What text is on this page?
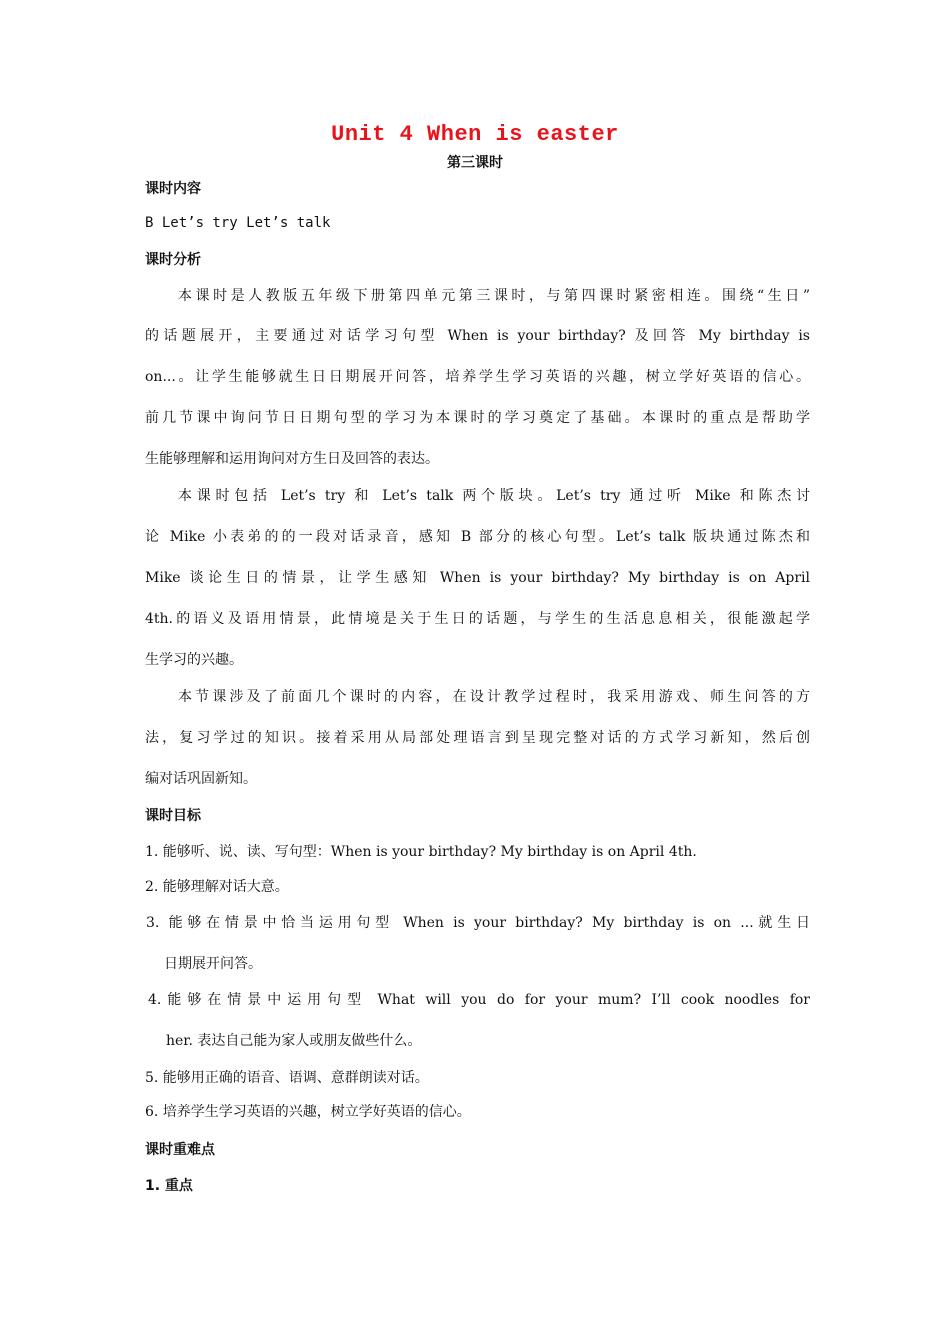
Unit 4 When is easter
第三课时
课时内容
B Let’s try Let’s talk
课时分析
本课时是人教版五年级下册第四单元第三课时，与第四课时紧密相连。围绕“生日”
的话题展开，主要通过对话学习句型 When is your birthday? 及回答 My birthday is
on...。让学生能够就生日日期展开问答，培养学生学习英语的兴趣，树立学好英语的信心。
前几节课中询问节日日期句型的学习为本课时的学习奠定了基础。本课时的重点是帮助学
生能够理解和运用询问对方生日及回答的表达。
本课时包括 Let’s try 和 Let’s talk 两个版块。Let’s try 通过听 Mike 和陈杰讨
论 Mike 小表弟的的一段对话录音，感知 B 部分的核心句型。Let’s talk 版块通过陈杰和
Mike 谈论生日的情景，让学生感知 When is your birthday? My birthday is on April
4th.的语义及语用情景，此情境是关于生日的话题，与学生的生活息息相关，很能激起学
生学习的兴趣。
本节课涉及了前面几个课时的内容，在设计教学过程时，我采用游戏、师生问答的方
法，复习学过的知识。接着采用从局部处理语言到呈现完整对话的方式学习新知，然后创
编对话巩固新知。
课时目标
1. 能够听、说、读、写句型：When is your birthday? My birthday is on April 4th.
2. 能够理解对话大意。
3. 能够在情景中恰当运用句型 When is your birthday? My birthday is on ...就生日
日期展开问答。
4.能够在情景中运用句型 What will you do for your mum? I’ll cook noodles for
her. 表达自己能为家人或朋友做些什么。
5. 能够用正确的语音、语调、意群朗读对话。
6. 培养学生学习英语的兴趣，树立学好英语的信心。
课时重难点
1. 重点
